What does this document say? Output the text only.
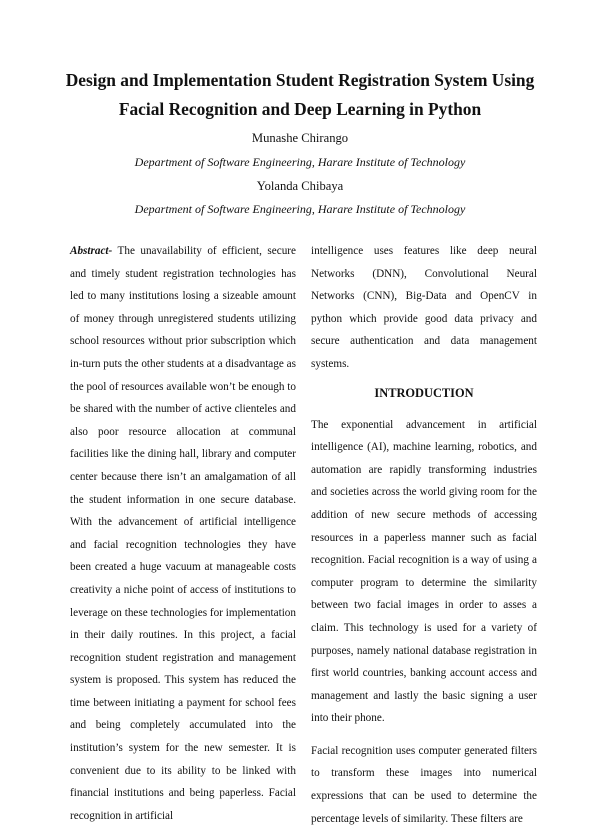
Design and Implementation Student Registration System Using
Facial Recognition and Deep Learning in Python
Munashe Chirango
Department of Software Engineering, Harare Institute of Technology
Yolanda Chibaya
Department of Software Engineering, Harare Institute of Technology

Abstract- The unavailability of efficient, secure and timely student registration technologies has led to many institutions losing a sizeable amount of money through unregistered students utilizing school resources without prior subscription which in-turn puts the other students at a disadvantage as the pool of resources available won’t be enough to be shared with the number of active clienteles and also poor resource allocation at communal facilities like the dining hall, library and computer center because there isn’t an amalgamation of all the student information in one secure database. With the advancement of artificial intelligence and facial recognition technologies they have been created a huge vacuum at manageable costs creativity a niche point of access of institutions to leverage on these technologies for implementation in their daily routines. In this project, a facial recognition student registration and management system is proposed. This system has reduced the time between initiating a payment for school fees and being completely accumulated into the institution’s system for the new semester. It is convenient due to its ability to be linked with financial institutions and being paperless. Facial recognition in artificial

intelligence uses features like deep neural Networks (DNN), Convolutional Neural Networks (CNN), Big-Data and OpenCV in python which provide good data privacy and secure authentication and data management systems.

INTRODUCTION

The exponential advancement in artificial intelligence (AI), machine learning, robotics, and automation are rapidly transforming industries and societies across the world giving room for the addition of new secure methods of accessing resources in a paperless manner such as facial recognition. Facial recognition is a way of using a computer program to determine the similarity between two facial images in order to asses a claim. This technology is used for a variety of purposes, namely national database registration in first world countries, banking account access and management and lastly the basic signing a user into their phone.

Facial recognition uses computer generated filters to transform these images into numerical expressions that can be used to determine the percentage levels of similarity. These filters are
